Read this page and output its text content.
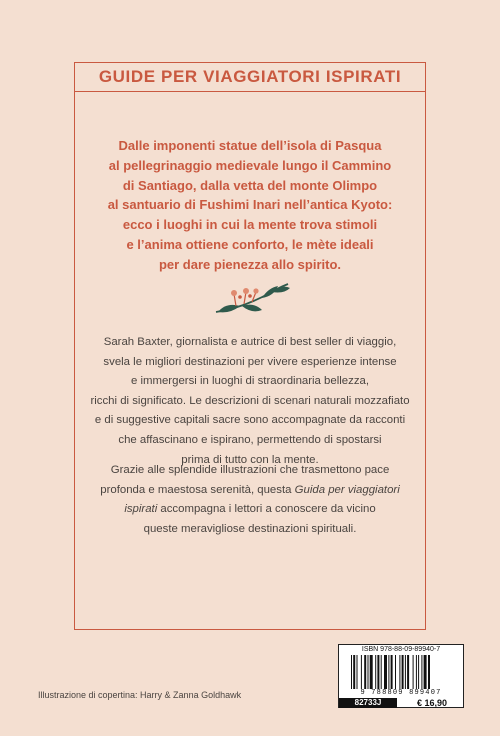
GUIDE PER VIAGGIATORI ISPIRATI
Dalle imponenti statue dell’isola di Pasqua
al pellegrinaggio medievale lungo il Cammino
di Santiago, dalla vetta del monte Olimpo
al santuario di Fushimi Inari nell’antica Kyoto:
ecco i luoghi in cui la mente trova stimoli
e l’anima ottiene conforto, le mète ideali
per dare pienezza allo spirito.
Sarah Baxter, giornalista e autrice di best seller di viaggio,
svela le migliori destinazioni per vivere esperienze intense
e immergersi in luoghi di straordinaria bellezza,
ricchi di significato. Le descrizioni di scenari naturali mozzafiato
e di suggestive capitali sacre sono accompagnate da racconti
che affascinano e ispirano, permettendo di spostarsi
prima di tutto con la mente.
Grazie alle splendide illustrazioni che trasmettono pace
profonda e maestosa serenità, questa Guida per viaggiatori
ispirati accompagna i lettori a conoscere da vicino
queste meravigliose destinazioni spirituali.
Illustrazione di copertina: Harry & Zanna Goldhawk
ISBN 978-88-09-89940-7
9 788809 899407
82733J	€ 16,90
